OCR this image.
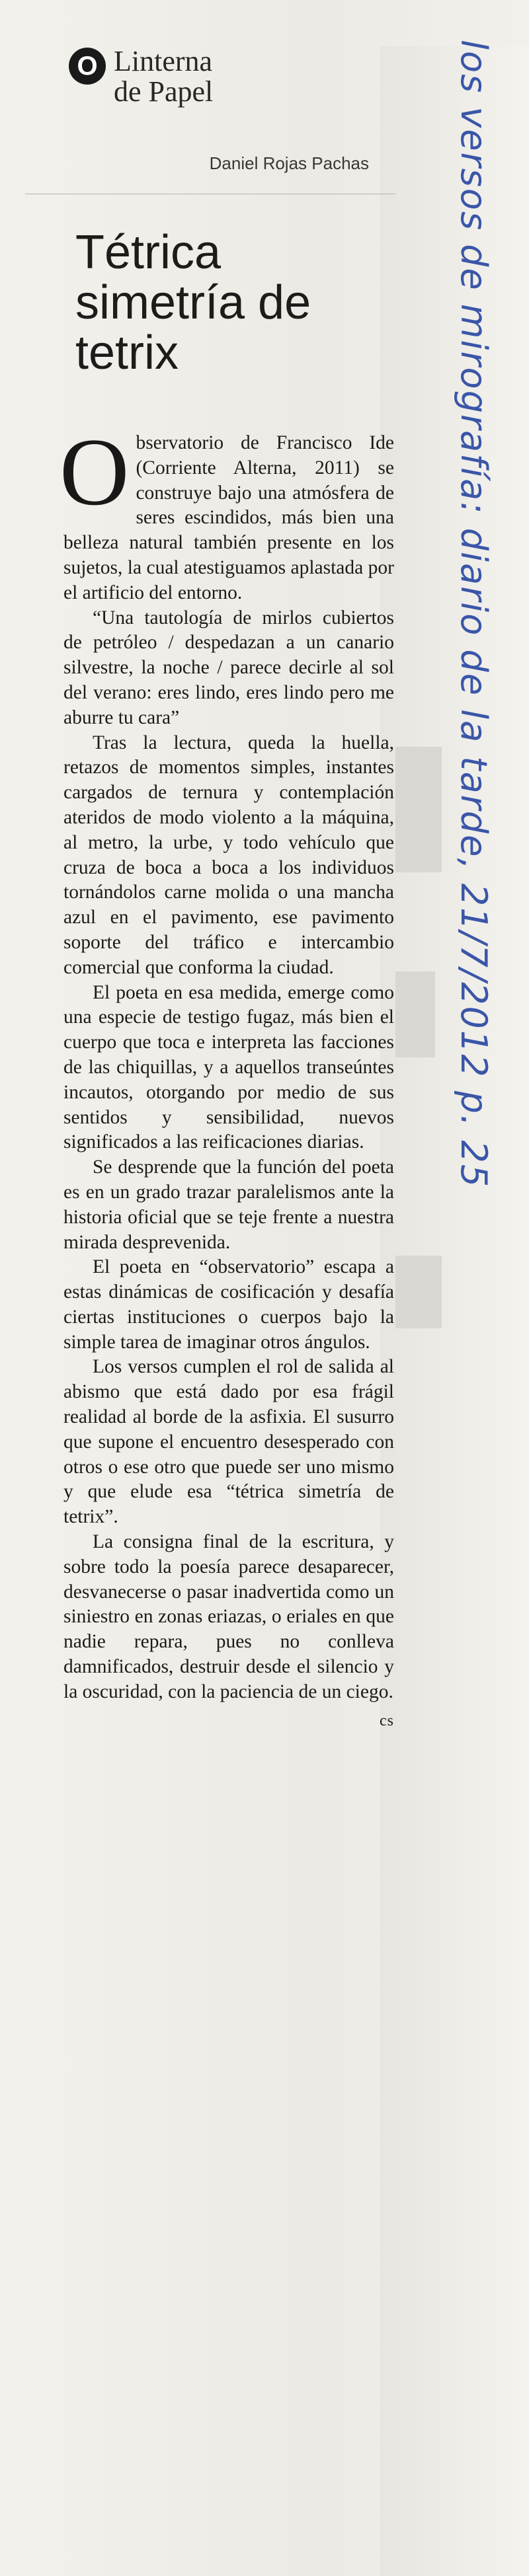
los versos de mirografía: diario de la tarde, 21/7/2012 p. 25
O Linterna
de Papel
Daniel Rojas Pachas
Tétrica
simetría de
tetrix

Observatorio de Francisco Ide (Corriente Alterna, 2011) se construye bajo una atmósfera de seres escindidos, más bien una belleza natural también presente en los sujetos, la cual atestiguamos aplastada por el artificio del entorno.

“Una tautología de mirlos cubiertos de petróleo / despedazan a un canario silvestre, la noche / parece decirle al sol del verano: eres lindo, eres lindo pero me aburre tu cara”

Tras la lectura, queda la huella, retazos de momentos simples, instantes cargados de ternura y contemplación ateridos de modo violento a la máquina, al metro, la urbe, y todo vehículo que cruza de boca a boca a los individuos tornándolos carne molida o una mancha azul en el pavimento, ese pavimento soporte del tráfico e intercambio comercial que conforma la ciudad.

El poeta en esa medida, emerge como una especie de testigo fugaz, más bien el cuerpo que toca e interpreta las facciones de las chiquillas, y a aquellos transeúntes incautos, otorgando por medio de sus sentidos y sensibilidad, nuevos significados a las reificaciones diarias.

Se desprende que la función del poeta es en un grado trazar paralelismos ante la historia oficial que se teje frente a nuestra mirada desprevenida.

El poeta en “observatorio” escapa a estas dinámicas de cosificación y desafía ciertas instituciones o cuerpos bajo la simple tarea de imaginar otros ángulos.

Los versos cumplen el rol de salida al abismo que está dado por esa frágil realidad al borde de la asfixia. El susurro que supone el encuentro desesperado con otros o ese otro que puede ser uno mismo y que elude esa “tétrica simetría de tetrix”.

La consigna final de la escritura, y sobre todo la poesía parece desaparecer, desvanecerse o pasar inadvertida como un siniestro en zonas eriazas, o eriales en que nadie repara, pues no conlleva damnificados, destruir desde el silencio y la oscuridad, con la paciencia de un ciego.
cs
